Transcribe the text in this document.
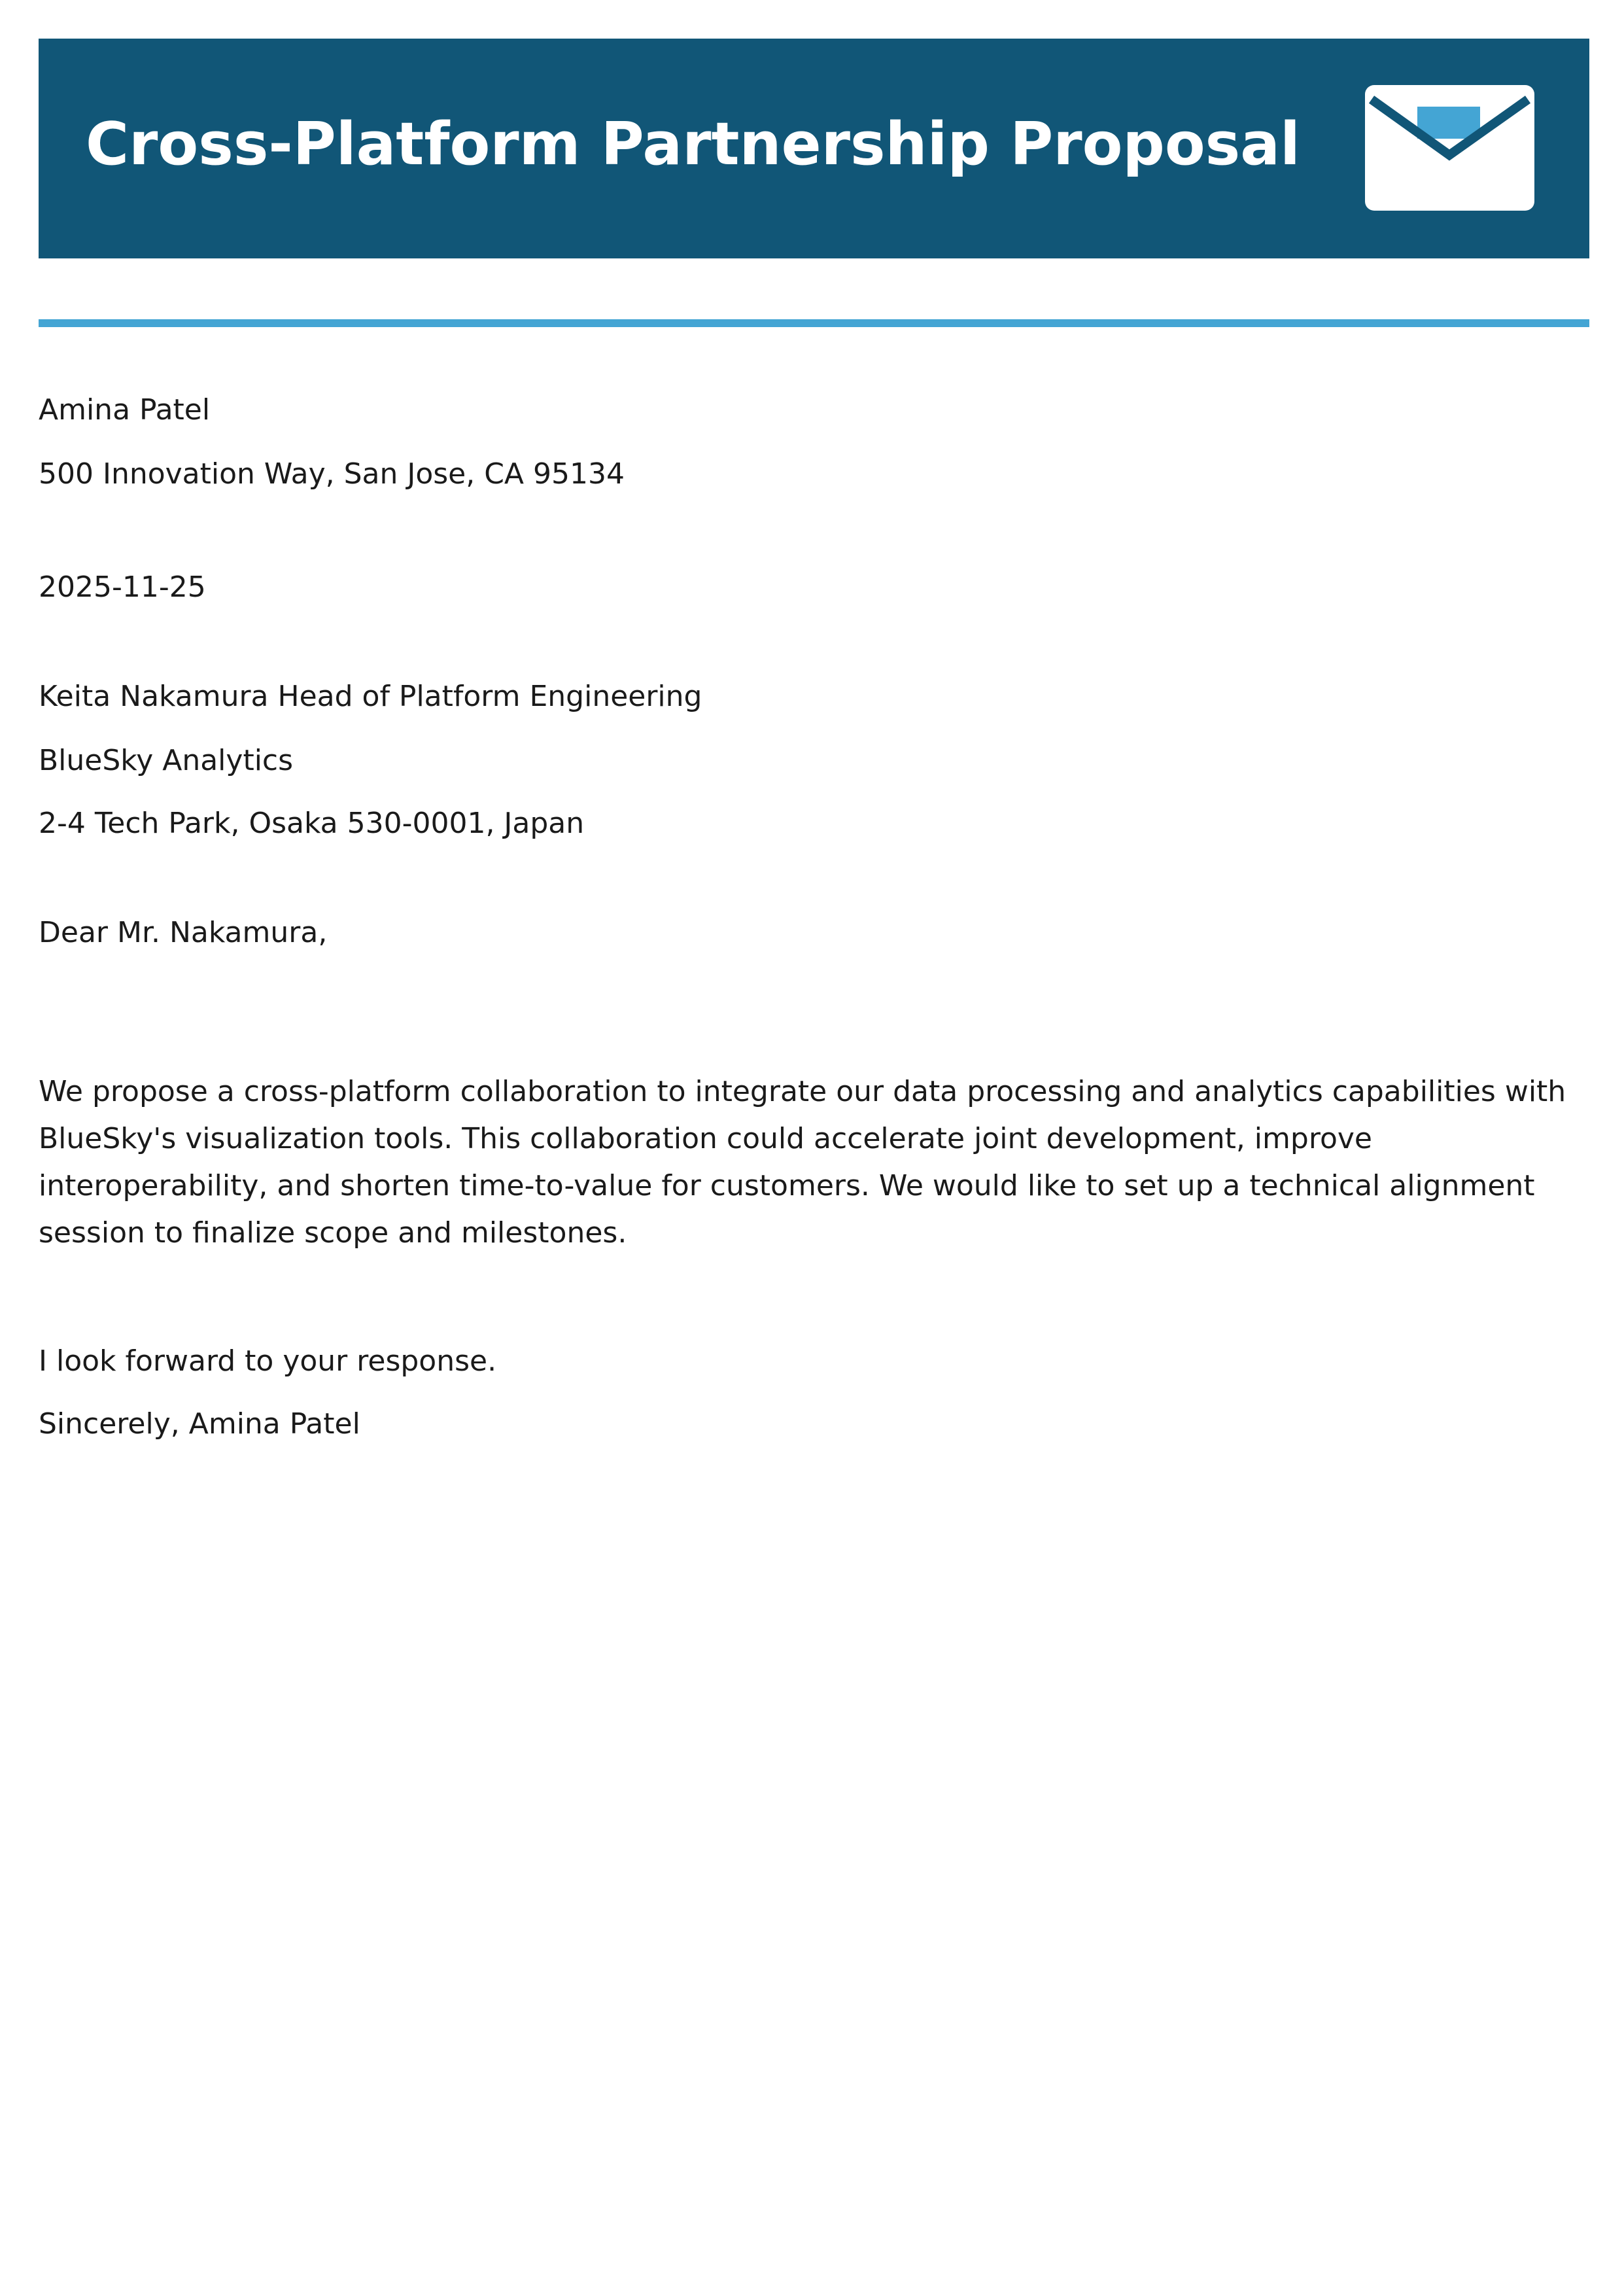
Cross-Platform Partnership Proposal

Amina Patel

500 Innovation Way, San Jose, CA 95134

2025-11-25

Keita Nakamura Head of Platform Engineering

BlueSky Analytics

2-4 Tech Park, Osaka 530-0001, Japan

Dear Mr. Nakamura,

We propose a cross-platform collaboration to integrate our data processing and analytics capabilities with BlueSky's visualization tools. This collaboration could accelerate joint development, improve interoperability, and shorten time-to-value for customers. We would like to set up a technical alignment session to finalize scope and milestones.

I look forward to your response.

Sincerely, Amina Patel
